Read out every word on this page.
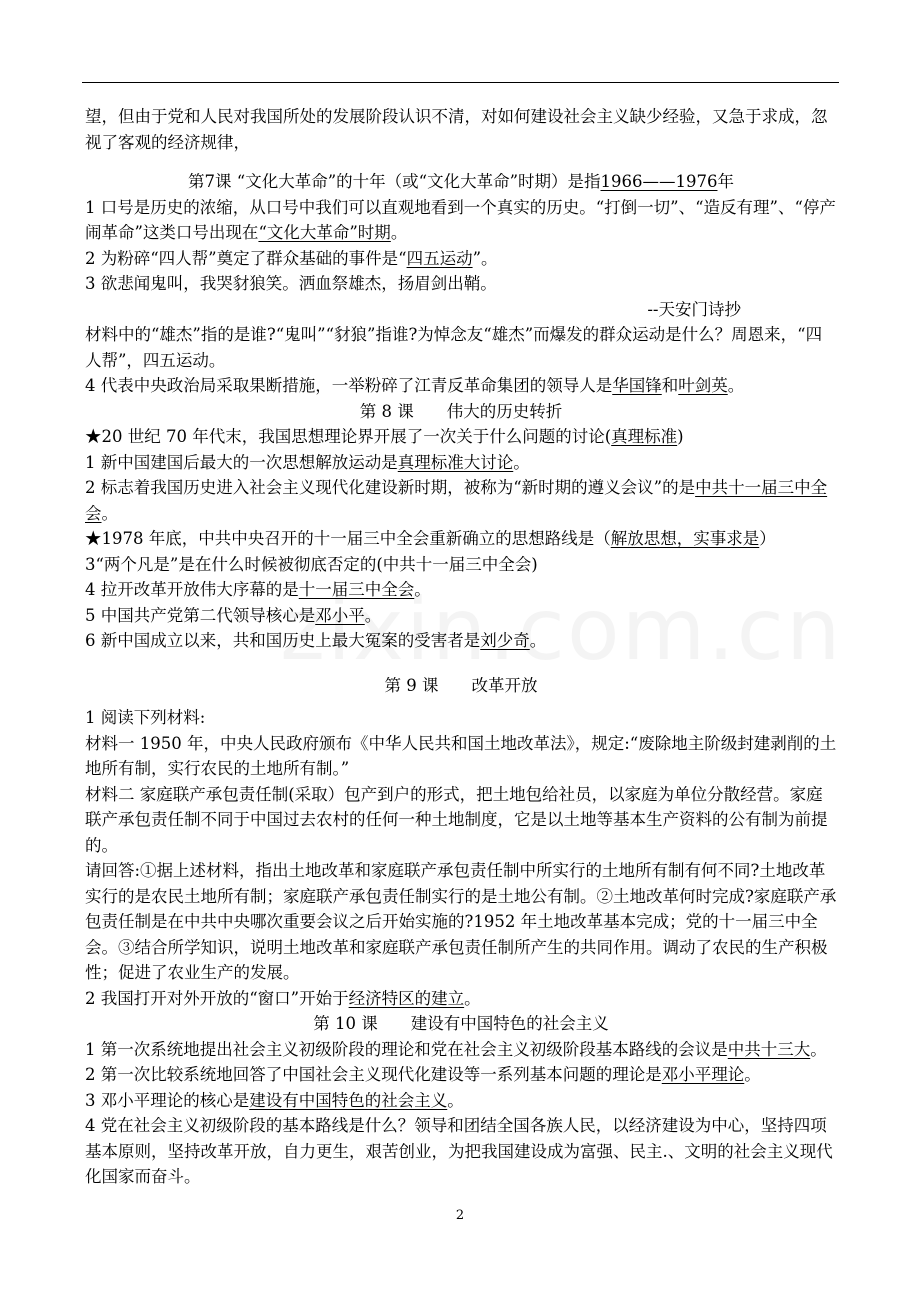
望，但由于党和人民对我国所处的发展阶段认识不清，对如何建设社会主义缺少经验，又急于求成，忽视了客观的经济规律，

第7课 “文化大革命”的十年（或“文化大革命”时期）是指1966——1976年

1 口号是历史的浓缩，从口号中我们可以直观地看到一个真实的历史。“打倒一切”、“造反有理”、“停产闹革命”这类口号出现在“文化大革命”时期。

2 为粉碎“四人帮”奠定了群众基础的事件是“四五运动”。

3 欲悲闻鬼叫，我哭豺狼笑。洒血祭雄杰，扬眉剑出鞘。

--天安门诗抄

材料中的“雄杰”指的是谁?“鬼叫”“豺狼”指谁?为悼念友“雄杰”而爆发的群众运动是什么？周恩来，“四人帮”，四五运动。

4 代表中央政治局采取果断措施，一举粉碎了江青反革命集团的领导人是华国锋和叶剑英。

第 8 课　　伟大的历史转折

★20 世纪 70 年代末，我国思想理论界开展了一次关于什么问题的讨论(真理标准)

1 新中国建国后最大的一次思想解放运动是真理标准大讨论。

2 标志着我国历史进入社会主义现代化建设新时期，被称为“新时期的遵义会议”的是中共十一届三中全会。

★1978 年底，中共中央召开的十一届三中全会重新确立的思想路线是（解放思想，实事求是）

3“两个凡是”是在什么时候被彻底否定的(中共十一届三中全会)

4 拉开改革开放伟大序幕的是十一届三中全会。

5 中国共产党第二代领导核心是邓小平。

6 新中国成立以来，共和国历史上最大冤案的受害者是刘少奇。

第 9 课　　改革开放

1 阅读下列材料:

材料一 1950 年，中央人民政府颁布《中华人民共和国土地改革法》，规定:“废除地主阶级封建剥削的土地所有制，实行农民的土地所有制。”

材料二 家庭联产承包责任制(采取）包产到户的形式，把土地包给社员，以家庭为单位分散经营。家庭联产承包责任制不同于中国过去农村的任何一种土地制度，它是以土地等基本生产资料的公有制为前提的。

请回答:①据上述材料，指出土地改革和家庭联产承包责任制中所实行的土地所有制有何不同?土地改革实行的是农民土地所有制；家庭联产承包责任制实行的是土地公有制。②土地改革何时完成?家庭联产承包责任制是在中共中央哪次重要会议之后开始实施的?1952 年土地改革基本完成；党的十一届三中全会。③结合所学知识，说明土地改革和家庭联产承包责任制所产生的共同作用。调动了农民的生产积极性；促进了农业生产的发展。

2 我国打开对外开放的“窗口”开始于经济特区的建立。

第 10 课　　建设有中国特色的社会主义

1 第一次系统地提出社会主义初级阶段的理论和党在社会主义初级阶段基本路线的会议是中共十三大。

2 第一次比较系统地回答了中国社会主义现代化建设等一系列基本问题的理论是邓小平理论。

3 邓小平理论的核心是建设有中国特色的社会主义。

4 党在社会主义初级阶段的基本路线是什么？领导和团结全国各族人民，以经济建设为中心，坚持四项基本原则，坚持改革开放，自力更生，艰苦创业，为把我国建设成为富强、民主.、文明的社会主义现代化国家而奋斗。

2
